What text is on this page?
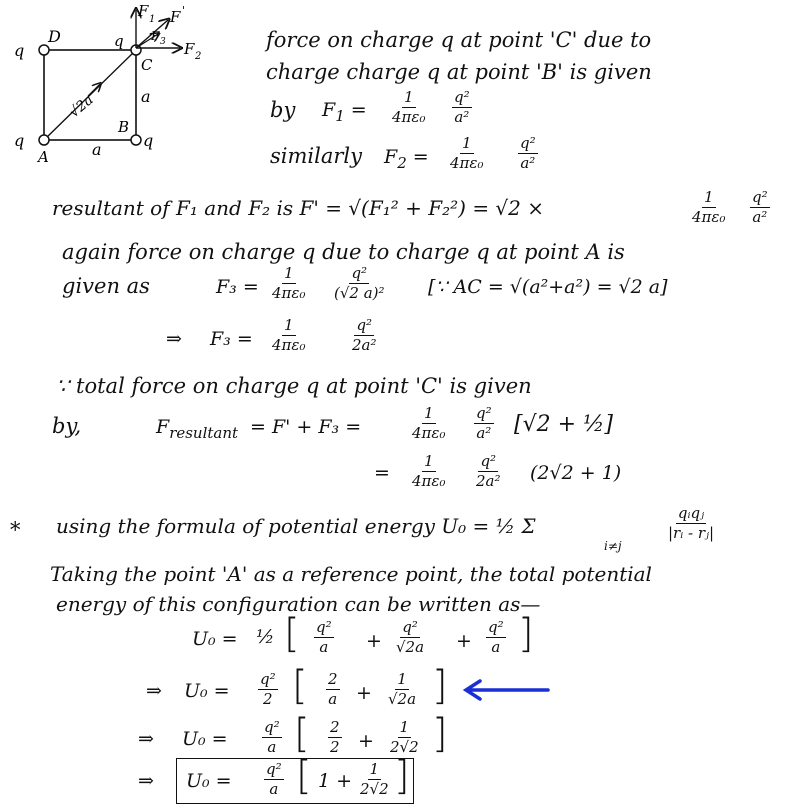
D
q	q
C
a
B
q
q
A	a
√2a
F 1 F '
F 3 F 2
force on charge q at point 'C' due to
charge charge q at point 'B' is given
by $F_1 = \frac{1}{\text{4πε₀}} \frac{\text{q²}}{\text{a²}}$
similarly $F_2 = \frac{1}{\text{4πε₀}} \frac{\text{q²}}{\text{a²}}$
resultant of F₁ and F₂ is F' = √(F₁² + F₂²) = √2 ×	$\frac{1}{\text{4πε₀}} \frac{\text{q²}}{\text{a²}}$
again force on charge q due to charge q at point A is
given as	$F_3 = \frac{1}{\text{4πε₀}} \frac{\text{q²}}{\text{(√2 a)²}}$ [∵ AC = √(a²+a²) = √2 a]
⇒ $F_3 = \frac{1}{\text{4πε₀}}$	$\frac{\text{q²}}{\text{2a²}}$
∵ total force on charge q at point 'C' is given
by,	$F_{resultant} = F' + F_3$ =	$\frac{1}{\text{4πε₀}} \frac{\text{q²}}{\text{a²}} [√2$ + ½]
= $\frac{1}{\text{4πε₀}} \frac{\text{q²}}{\text{2a²}} (2√2 + 1)$
* using the formula of potential energy U₀ = ½ Σ
i≠j
qᵢqⱼ
|rᵢ - rⱼ|
Taking the point 'A' as a reference point, the total potential
energy of this configuration can be written as—
U₀ = ½ [ $\frac{\text{q²}}{a} + \frac{\text{q²}}{√2a} + \frac{\text{q²}}{a}$ ]
⇒ $U_0 = \frac{\text{q²}}{2}$ [ $\frac{2}{a} + \frac{1}{√2a}$ ]
⇒ $U_0 = \frac{\text{q²}}{a}$ [ $\frac{2}{2} + \frac{1}{2√2}$ ]
⇒ $U_0 = \frac{\text{q²}}{a}$ [ $1 + \frac{1}{2√2}$ ]
